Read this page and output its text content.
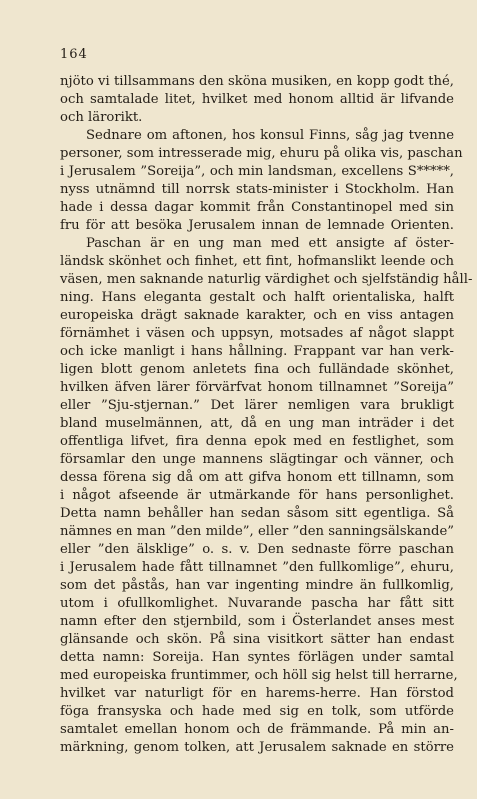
164
njöto vi tillsammans den sköna musiken, en kopp godt thé,
och samtalade litet, hvilket med honom alltid är lifvande
och lärorikt.
Sednare om aftonen, hos konsul Finns, såg jag tvenne
personer, som intresserade mig, ehuru på olika vis, paschan
i Jerusalem ”Soreija”, och min landsman, excellens S*****,
nyss utnämnd till norrsk stats-minister i Stockholm. Han
hade i dessa dagar kommit från Constantinopel med sin
fru för att besöka Jerusalem innan de lemnade Orienten.
Paschan är en ung man med ett ansigte af öster-
ländsk skönhet och finhet, ett fint, hofmanslikt leende och
väsen, men saknande naturlig värdighet och sjelfständig håll-
ning. Hans eleganta gestalt och halft orientaliska, halft
europeiska drägt saknade karakter, och en viss antagen
förnämhet i väsen och uppsyn, motsades af något slappt
och icke manligt i hans hållning. Frappant var han verk-
ligen blott genom anletets fina och fulländade skönhet,
hvilken äfven lärer förvärfvat honom tillnamnet ”Soreija”
eller ”Sju-stjernan.” Det lärer nemligen vara brukligt
bland muselmännen, att, då en ung man inträder i det
offentliga lifvet, fira denna epok med en festlighet, som
församlar den unge mannens slägtingar och vänner, och
dessa förena sig då om att gifva honom ett tillnamn, som
i något afseende är utmärkande för hans personlighet.
Detta namn behåller han sedan såsom sitt egentliga. Så
nämnes en man ”den milde”, eller ”den sanningsälskande”
eller ”den älsklige” o. s. v. Den sednaste förre paschan
i Jerusalem hade fått tillnamnet ”den fullkomlige”, ehuru,
som det påstås, han var ingenting mindre än fullkomlig,
utom i ofullkomlighet. Nuvarande pascha har fått sitt
namn efter den stjernbild, som i Österlandet anses mest
glänsande och skön. På sina visitkort sätter han endast
detta namn: Soreija. Han syntes förlägen under samtal
med europeiska fruntimmer, och höll sig helst till herrarne,
hvilket var naturligt för en harems-herre. Han förstod
föga fransyska och hade med sig en tolk, som utförde
samtalet emellan honom och de främmande. På min an-
märkning, genom tolken, att Jerusalem saknade en större
